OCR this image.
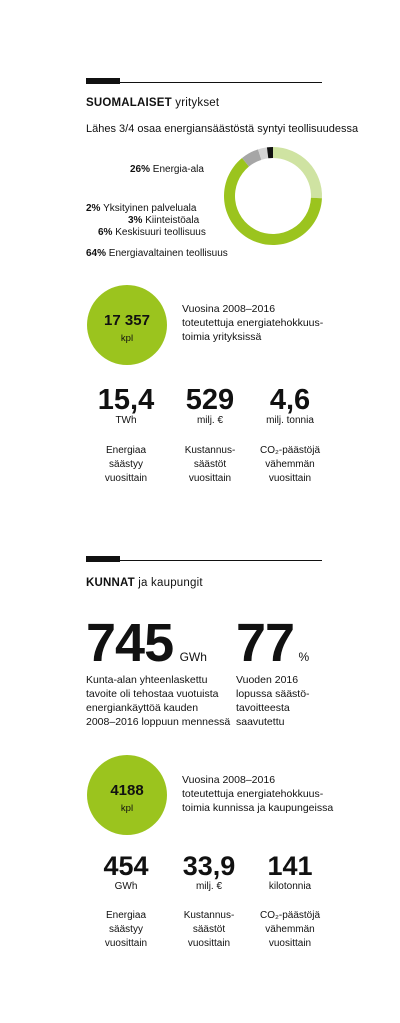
SUOMALAISET yritykset
Lähes 3/4 osaa energiansäästöstä syntyi teollisuudessa
26% Energia-ala
2% Yksityinen palveluala
3% Kiinteistöala
6% Keskisuuri teollisuus
64% Energiavaltainen teollisuus
17 357
kpl
Vuosina 2008–2016
toteutettuja energiatehokkuus-
toimia yrityksissä
15,4
TWh
Energiaa
säästyy
vuosittain
529
milj. €
Kustannus-
säästöt
vuosittain
4,6
milj. tonnia
CO₂-päästöjä
vähemmän
vuosittain
KUNNAT ja kaupungit
745 GWh
Kunta-alan yhteenlaskettu
tavoite oli tehostaa vuotuista
energiankäyttöä kauden
2008–2016 loppuun mennessä
77 %
Vuoden 2016
lopussa säästö-
tavoitteesta
saavutettu
4188
kpl
Vuosina 2008–2016
toteutettuja energiatehokkuus-
toimia kunnissa ja kaupungeissa
454
GWh
Energiaa
säästyy
vuosittain
33,9
milj. €
Kustannus-
säästöt
vuosittain
141
kilotonnia
CO₂-päästöjä
vähemmän
vuosittain
